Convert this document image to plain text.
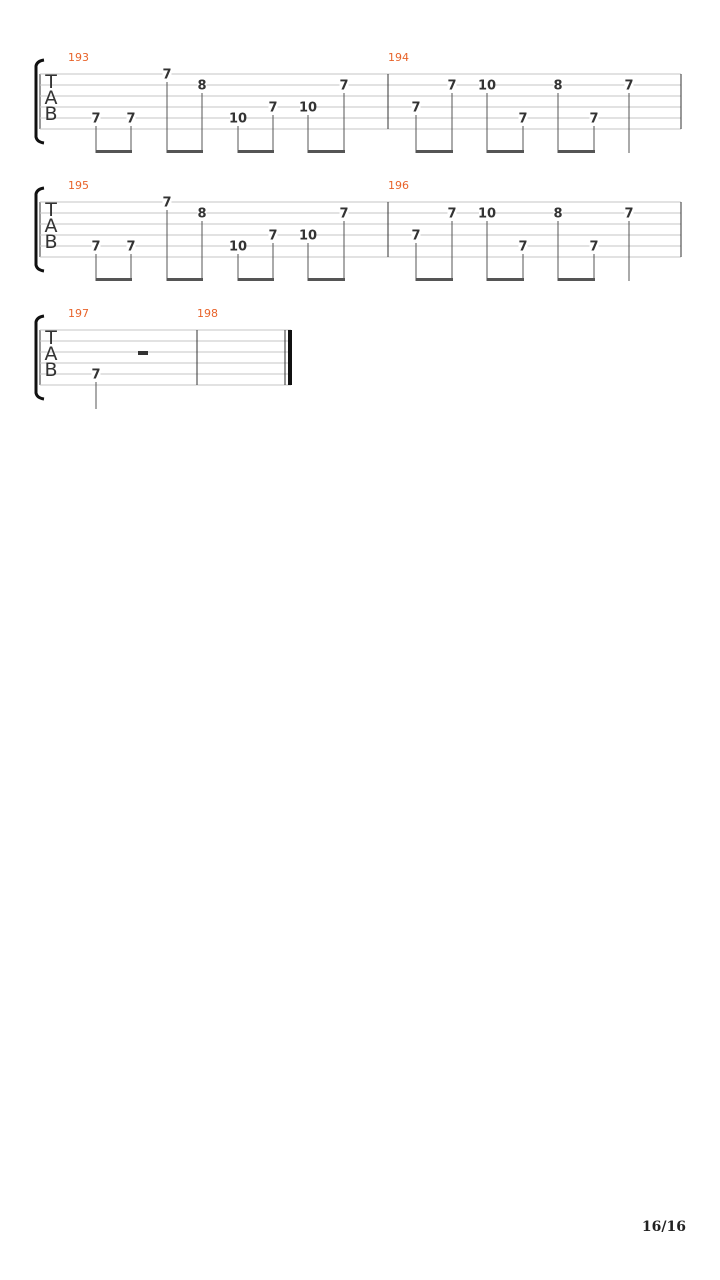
T
A
B
193	194
7 7
7
8
10
7 10
7
7
7 10
7
8
7
7
T
A
B
195	196
7 7
7
8
10
7 10
7
7
7 10
7
8
7
7
T
A
B
197	198
7

16/16
